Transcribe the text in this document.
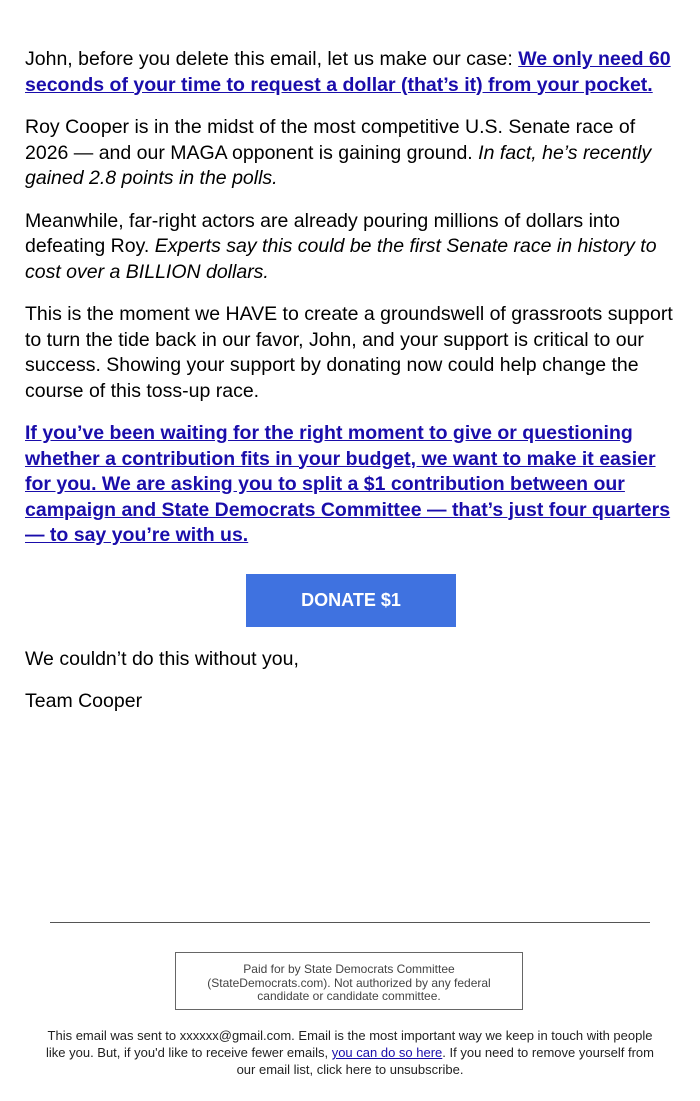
John, before you delete this email, let us make our case: We only need 60 seconds of your time to request a dollar (that’s it) from your pocket.

Roy Cooper is in the midst of the most competitive U.S. Senate race of 2026 — and our MAGA opponent is gaining ground. In fact, he’s recently gained 2.8 points in the polls.

Meanwhile, far-right actors are already pouring millions of dollars into defeating Roy. Experts say this could be the first Senate race in history to cost over a BILLION dollars.

This is the moment we HAVE to create a groundswell of grassroots support to turn the tide back in our favor, John, and your support is critical to our success. Showing your support by donating now could help change the course of this toss-up race.

If you’ve been waiting for the right moment to give or questioning whether a contribution fits in your budget, we want to make it easier for you. We are asking you to split a $1 contribution between our campaign and State Democrats Committee — that’s just four quarters — to say you’re with us.

DONATE $1

We couldn’t do this without you,

Team Cooper

Paid for by State Democrats Committee
(StateDemocrats.com). Not authorized by any federal
candidate or candidate committee.
This email was sent to xxxxxx@gmail.com. Email is the most important way we keep in touch with people like you. But, if you'd like to receive fewer emails, you can do so here. If you need to remove yourself from our email list, click here to unsubscribe.
